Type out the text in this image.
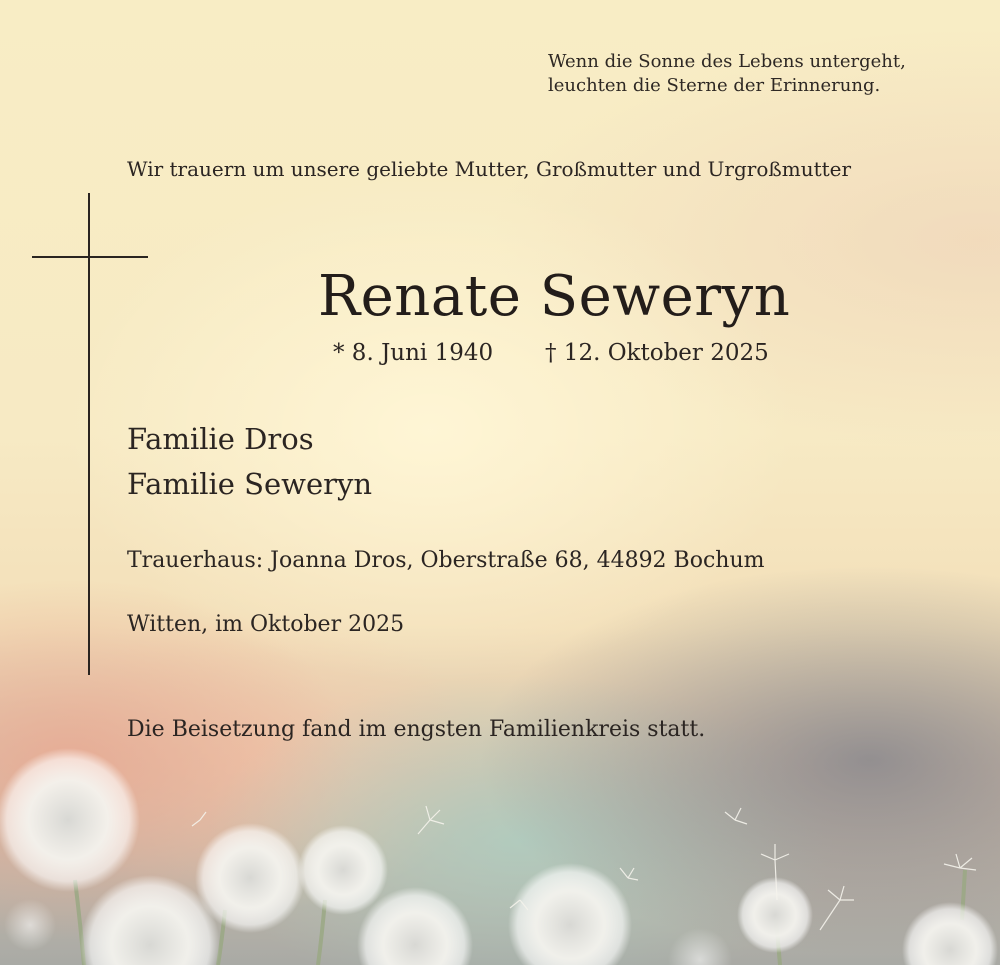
Wenn die Sonne des Lebens untergeht,
leuchten die Sterne der Erinnerung.
Wir trauern um unsere geliebte Mutter, Großmutter und Urgroßmutter
Renate Seweryn
* 8. Juni 1940 † 12. Oktober 2025
Familie Dros
Familie Seweryn
Trauerhaus: Joanna Dros, Oberstraße 68, 44892 Bochum
Witten, im Oktober 2025
Die Beisetzung fand im engsten Familienkreis statt.
